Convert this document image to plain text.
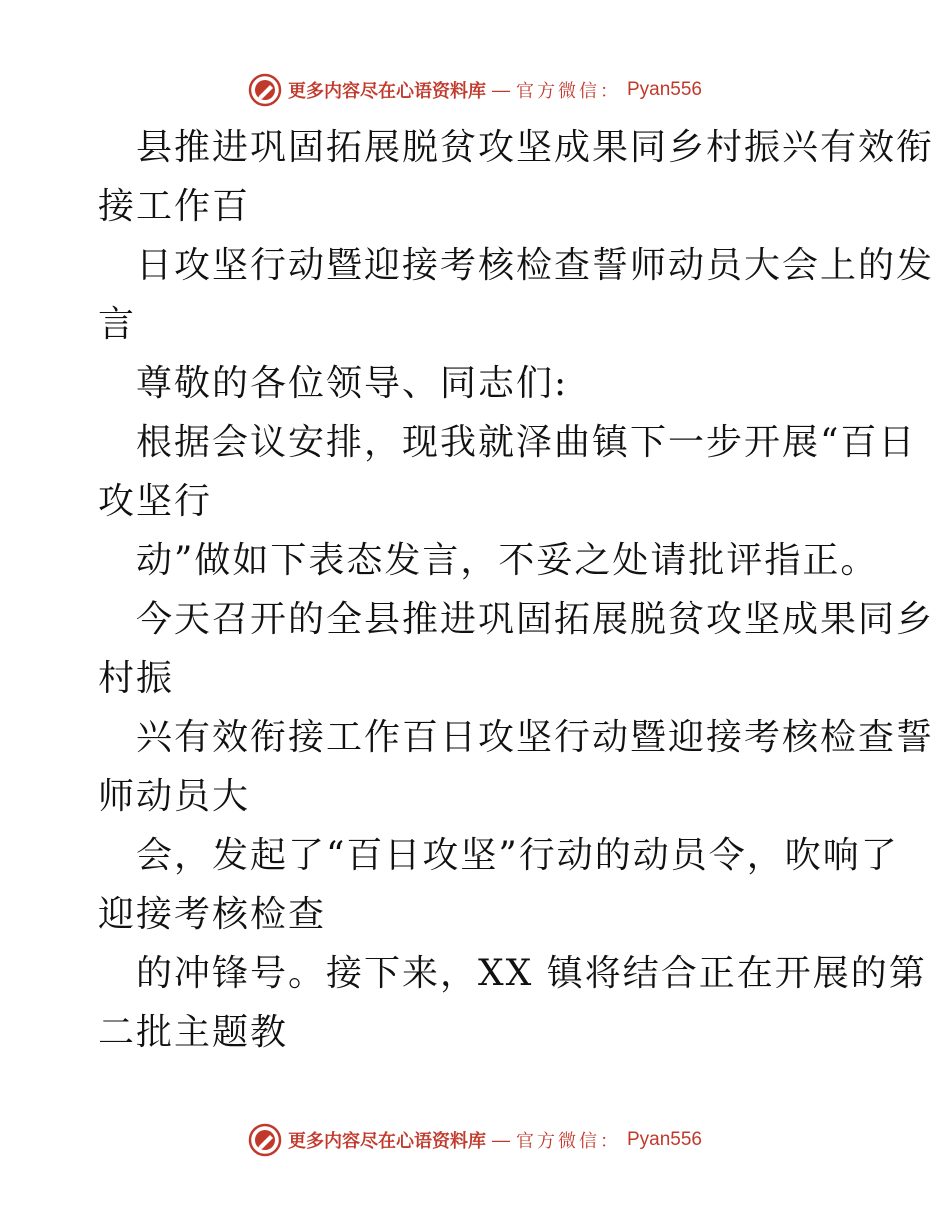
更多内容尽在心语资料库 — 官方微信： Pyan556
县推进巩固拓展脱贫攻坚成果同乡村振兴有效衔
接工作百
日攻坚行动暨迎接考核检查誓师动员大会上的发
言
尊敬的各位领导、同志们:
根据会议安排，现我就泽曲镇下一步开展“百日
攻坚行
动”做如下表态发言，不妥之处请批评指正。
今天召开的全县推进巩固拓展脱贫攻坚成果同乡
村振
兴有效衔接工作百日攻坚行动暨迎接考核检查誓
师动员大
会，发起了“百日攻坚”行动的动员令，吹响了
迎接考核检查
的冲锋号。接下来，XX 镇将结合正在开展的第
二批主题教
更多内容尽在心语资料库 — 官方微信： Pyan556
